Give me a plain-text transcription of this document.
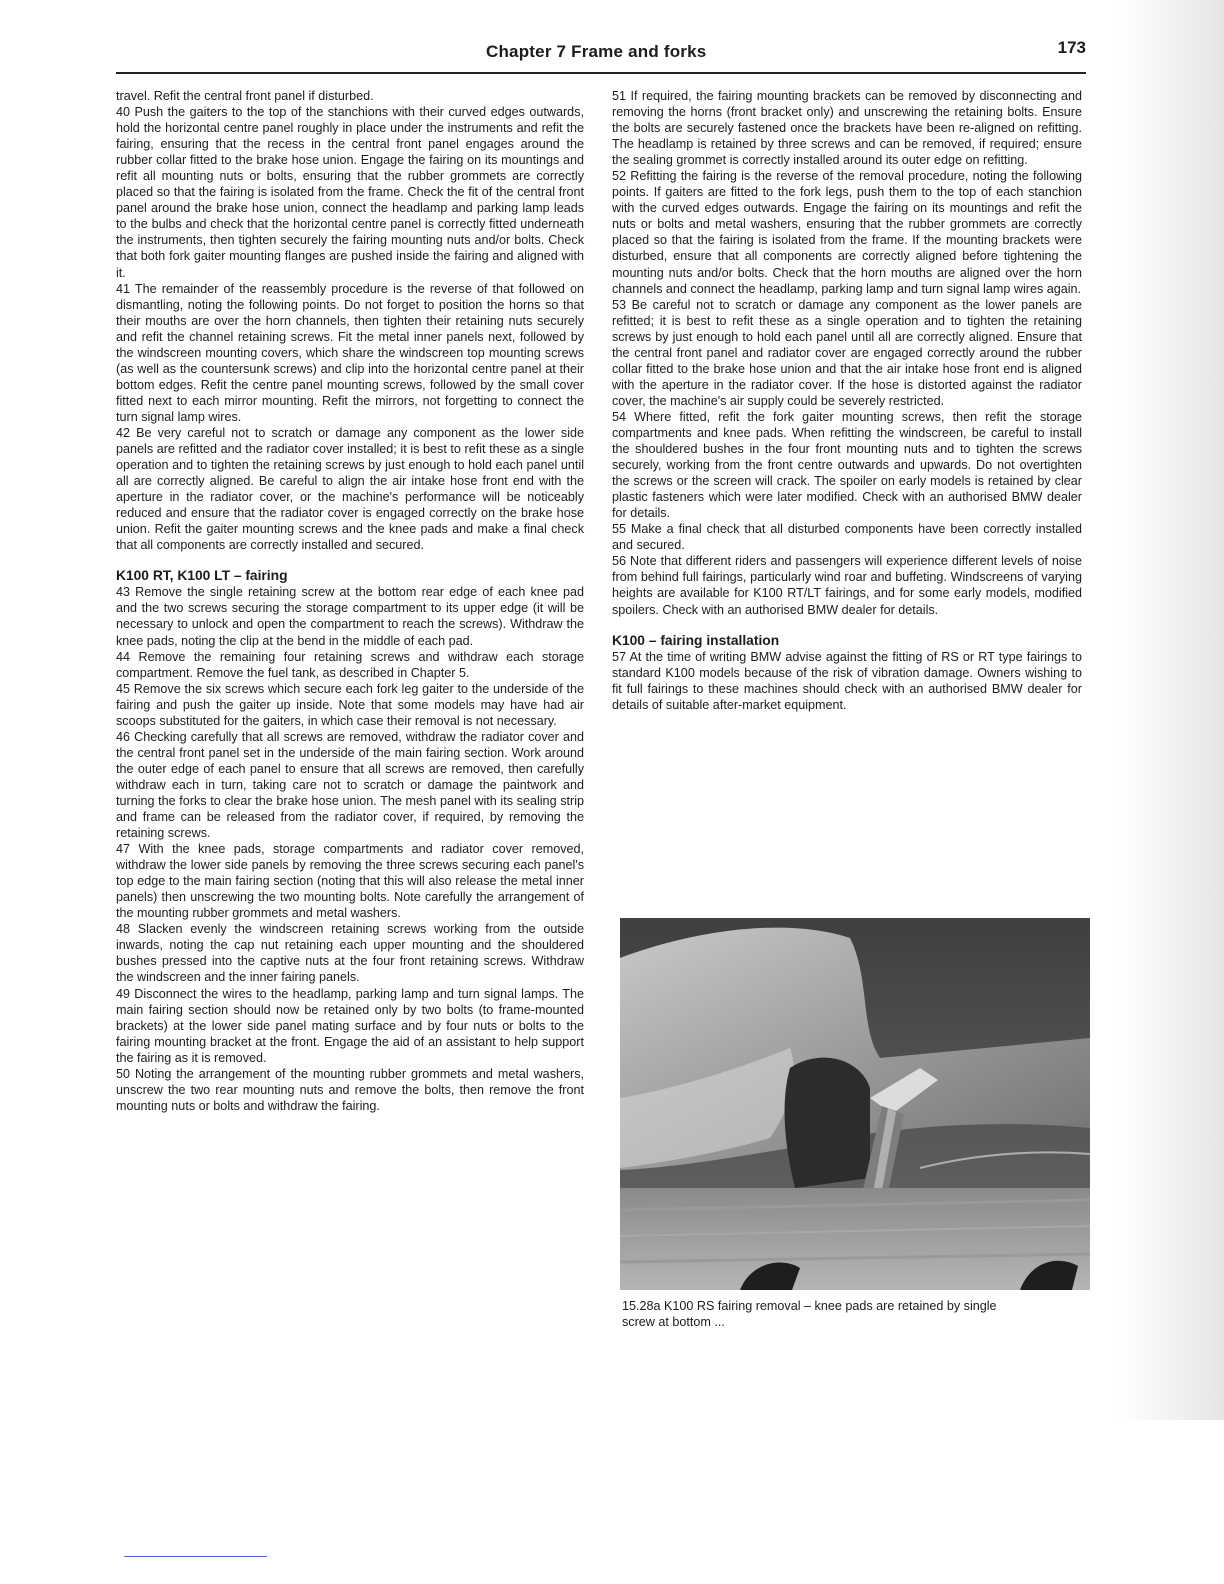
Chapter 7 Frame and forks	173

travel. Refit the central front panel if disturbed.

40 Push the gaiters to the top of the stanchions with their curved edges outwards, hold the horizontal centre panel roughly in place under the instruments and refit the fairing, ensuring that the recess in the central front panel engages around the rubber collar fitted to the brake hose union. Engage the fairing on its mountings and refit all mounting nuts or bolts, ensuring that the rubber grommets are correctly placed so that the fairing is isolated from the frame. Check the fit of the central front panel around the brake hose union, connect the headlamp and parking lamp leads to the bulbs and check that the horizontal centre panel is correctly fitted underneath the instruments, then tighten securely the fairing mounting nuts and/or bolts. Check that both fork gaiter mounting flanges are pushed inside the fairing and aligned with it.

41 The remainder of the reassembly procedure is the reverse of that followed on dismantling, noting the following points. Do not forget to position the horns so that their mouths are over the horn channels, then tighten their retaining nuts securely and refit the channel retaining screws. Fit the metal inner panels next, followed by the windscreen mounting covers, which share the windscreen top mounting screws (as well as the countersunk screws) and clip into the horizontal centre panel at their bottom edges. Refit the centre panel mounting screws, followed by the small cover fitted next to each mirror mounting. Refit the mirrors, not forgetting to connect the turn signal lamp wires.

42 Be very careful not to scratch or damage any component as the lower side panels are refitted and the radiator cover installed; it is best to refit these as a single operation and to tighten the retaining screws by just enough to hold each panel until all are correctly aligned. Be careful to align the air intake hose front end with the aperture in the radiator cover, or the machine's performance will be noticeably reduced and ensure that the radiator cover is engaged correctly on the brake hose union. Refit the gaiter mounting screws and the knee pads and make a final check that all components are correctly installed and secured.

K100 RT, K100 LT – fairing

43 Remove the single retaining screw at the bottom rear edge of each knee pad and the two screws securing the storage compartment to its upper edge (it will be necessary to unlock and open the compartment to reach the screws). Withdraw the knee pads, noting the clip at the bend in the middle of each pad.

44 Remove the remaining four retaining screws and withdraw each storage compartment. Remove the fuel tank, as described in Chapter 5.

45 Remove the six screws which secure each fork leg gaiter to the underside of the fairing and push the gaiter up inside. Note that some models may have had air scoops substituted for the gaiters, in which case their removal is not necessary.

46 Checking carefully that all screws are removed, withdraw the radiator cover and the central front panel set in the underside of the main fairing section. Work around the outer edge of each panel to ensure that all screws are removed, then carefully withdraw each in turn, taking care not to scratch or damage the paintwork and turning the forks to clear the brake hose union. The mesh panel with its sealing strip and frame can be released from the radiator cover, if required, by removing the retaining screws.

47 With the knee pads, storage compartments and radiator cover removed, withdraw the lower side panels by removing the three screws securing each panel's top edge to the main fairing section (noting that this will also release the metal inner panels) then unscrewing the two mounting bolts. Note carefully the arrangement of the mounting rubber grommets and metal washers.

48 Slacken evenly the windscreen retaining screws working from the outside inwards, noting the cap nut retaining each upper mounting and the shouldered bushes pressed into the captive nuts at the four front retaining screws. Withdraw the windscreen and the inner fairing panels.

49 Disconnect the wires to the headlamp, parking lamp and turn signal lamps. The main fairing section should now be retained only by two bolts (to frame-mounted brackets) at the lower side panel mating surface and by four nuts or bolts to the fairing mounting bracket at the front. Engage the aid of an assistant to help support the fairing as it is removed.

50 Noting the arrangement of the mounting rubber grommets and metal washers, unscrew the two rear mounting nuts and remove the bolts, then remove the front mounting nuts or bolts and withdraw the fairing.

51 If required, the fairing mounting brackets can be removed by disconnecting and removing the horns (front bracket only) and unscrewing the retaining bolts. Ensure the bolts are securely fastened once the brackets have been re-aligned on refitting. The headlamp is retained by three screws and can be removed, if required; ensure the sealing grommet is correctly installed around its outer edge on refitting.

52 Refitting the fairing is the reverse of the removal procedure, noting the following points. If gaiters are fitted to the fork legs, push them to the top of each stanchion with the curved edges outwards. Engage the fairing on its mountings and refit the nuts or bolts and metal washers, ensuring that the rubber grommets are correctly placed so that the fairing is isolated from the frame. If the mounting brackets were disturbed, ensure that all components are correctly aligned before tightening the mounting nuts and/or bolts. Check that the horn mouths are aligned over the horn channels and connect the headlamp, parking lamp and turn signal lamp wires again.

53 Be careful not to scratch or damage any component as the lower panels are refitted; it is best to refit these as a single operation and to tighten the retaining screws by just enough to hold each panel until all are correctly aligned. Ensure that the central front panel and radiator cover are engaged correctly around the rubber collar fitted to the brake hose union and that the air intake hose front end is aligned with the aperture in the radiator cover. If the hose is distorted against the radiator cover, the machine's air supply could be severely restricted.

54 Where fitted, refit the fork gaiter mounting screws, then refit the storage compartments and knee pads. When refitting the windscreen, be careful to install the shouldered bushes in the four front mounting nuts and to tighten the screws securely, working from the front centre outwards and upwards. Do not overtighten the screws or the screen will crack. The spoiler on early models is retained by clear plastic fasteners which were later modified. Check with an authorised BMW dealer for details.

55 Make a final check that all disturbed components have been correctly installed and secured.

56 Note that different riders and passengers will experience different levels of noise from behind full fairings, particularly wind roar and buffeting. Windscreens of varying heights are available for K100 RT/LT fairings, and for some early models, modified spoilers. Check with an authorised BMW dealer for details.

K100 – fairing installation

57 At the time of writing BMW advise against the fitting of RS or RT type fairings to standard K100 models because of the risk of vibration damage. Owners wishing to fit full fairings to these machines should check with an authorised BMW dealer for details of suitable after-market equipment.

15.28a K100 RS fairing removal – knee pads are retained by single

screw at bottom ...
